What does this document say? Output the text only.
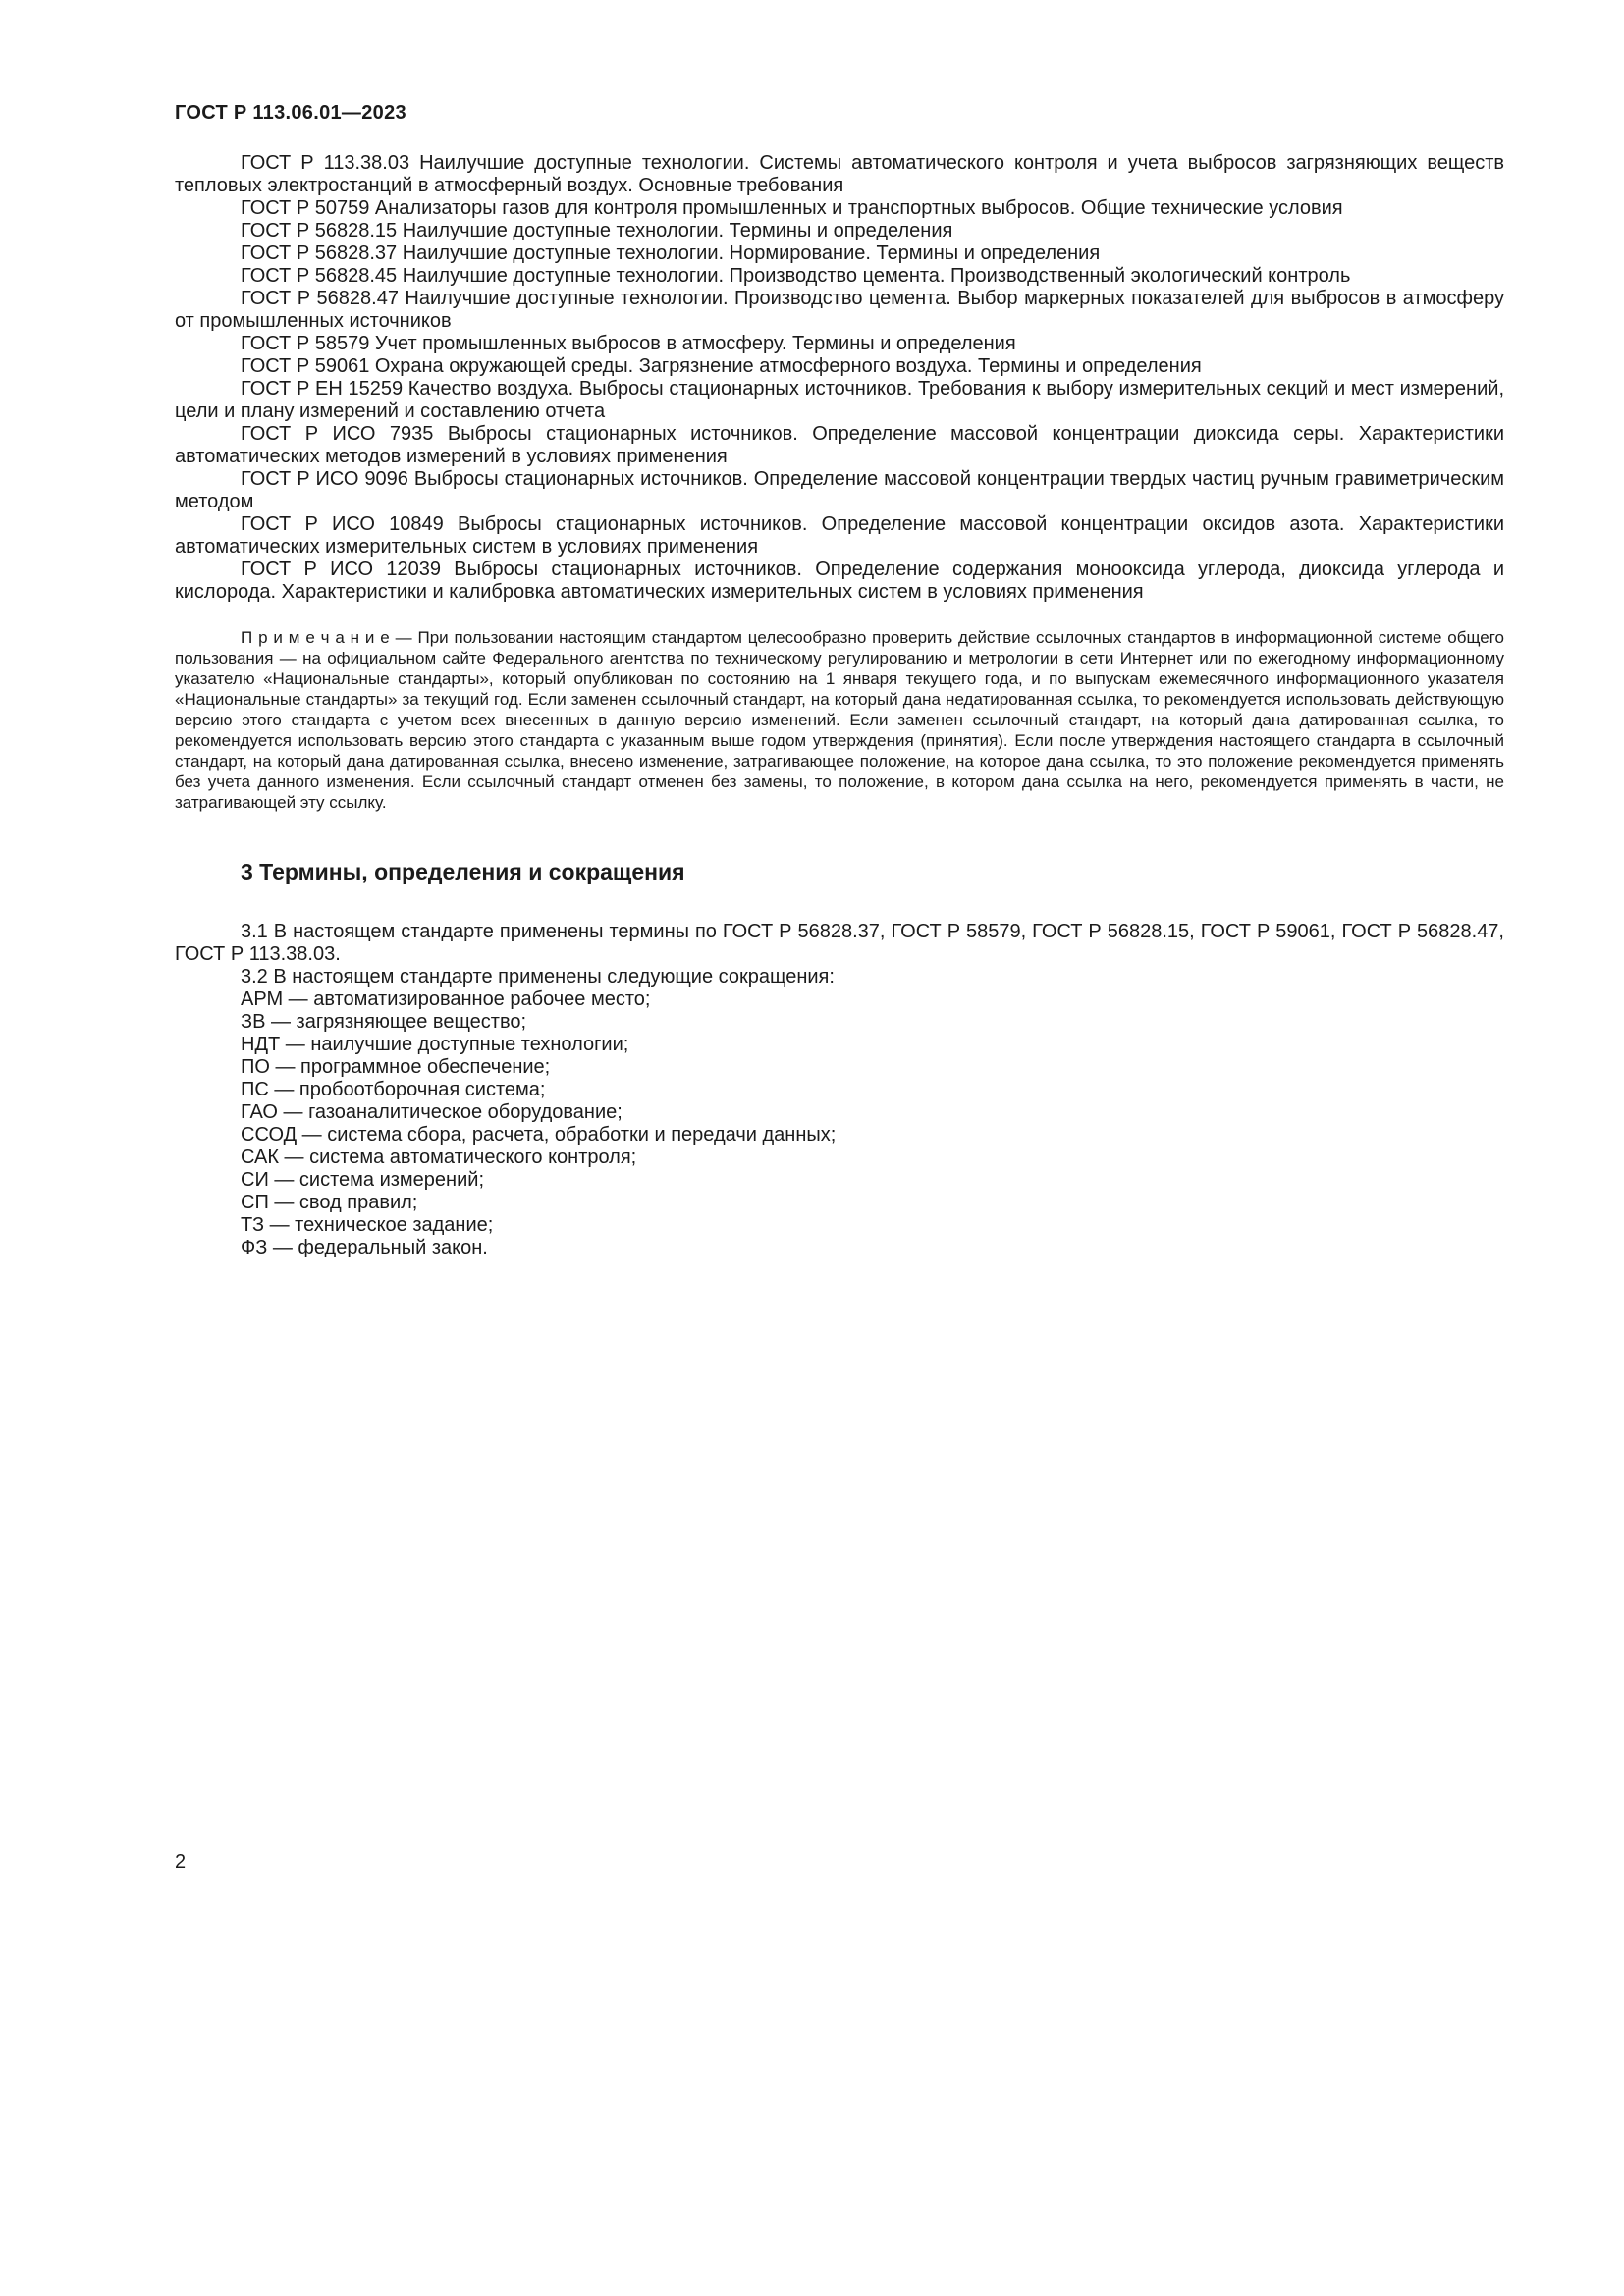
ГОСТ Р 113.06.01—2023

ГОСТ Р 113.38.03 Наилучшие доступные технологии. Системы автоматического контроля и учета выбросов загрязняющих веществ тепловых электростанций в атмосферный воздух. Основные требования

ГОСТ Р 50759 Анализаторы газов для контроля промышленных и транспортных выбросов. Общие технические условия

ГОСТ Р 56828.15 Наилучшие доступные технологии. Термины и определения

ГОСТ Р 56828.37 Наилучшие доступные технологии. Нормирование. Термины и определения

ГОСТ Р 56828.45 Наилучшие доступные технологии. Производство цемента. Производственный экологический контроль

ГОСТ Р 56828.47 Наилучшие доступные технологии. Производство цемента. Выбор маркерных показателей для выбросов в атмосферу от промышленных источников

ГОСТ Р 58579 Учет промышленных выбросов в атмосферу. Термины и определения

ГОСТ Р 59061 Охрана окружающей среды. Загрязнение атмосферного воздуха. Термины и определения

ГОСТ Р ЕН 15259 Качество воздуха. Выбросы стационарных источников. Требования к выбору измерительных секций и мест измерений, цели и плану измерений и составлению отчета

ГОСТ Р ИСО 7935 Выбросы стационарных источников. Определение массовой концентрации диоксида серы. Характеристики автоматических методов измерений в условиях применения

ГОСТ Р ИСО 9096 Выбросы стационарных источников. Определение массовой концентрации твердых частиц ручным гравиметрическим методом

ГОСТ Р ИСО 10849 Выбросы стационарных источников. Определение массовой концентрации оксидов азота. Характеристики автоматических измерительных систем в условиях применения

ГОСТ Р ИСО 12039 Выбросы стационарных источников. Определение содержания монооксида углерода, диоксида углерода и кислорода. Характеристики и калибровка автоматических измерительных систем в условиях применения

П р и м е ч а н и е — При пользовании настоящим стандартом целесообразно проверить действие ссылочных стандартов в информационной системе общего пользования — на официальном сайте Федерального агентства по техническому регулированию и метрологии в сети Интернет или по ежегодному информационному указателю «Национальные стандарты», который опубликован по состоянию на 1 января текущего года, и по выпускам ежемесячного информационного указателя «Национальные стандарты» за текущий год. Если заменен ссылочный стандарт, на который дана недатированная ссылка, то рекомендуется использовать действующую версию этого стандарта с учетом всех внесенных в данную версию изменений. Если заменен ссылочный стандарт, на который дана датированная ссылка, то рекомендуется использовать версию этого стандарта с указанным выше годом утверждения (принятия). Если после утверждения настоящего стандарта в ссылочный стандарт, на который дана датированная ссылка, внесено изменение, затрагивающее положение, на которое дана ссылка, то это положение рекомендуется применять без учета данного изменения. Если ссылочный стандарт отменен без замены, то положение, в котором дана ссылка на него, рекомендуется применять в части, не затрагивающей эту ссылку.

3 Термины, определения и сокращения

3.1 В настоящем стандарте применены термины по ГОСТ Р 56828.37, ГОСТ Р 58579, ГОСТ Р 56828.15, ГОСТ Р 59061, ГОСТ Р 56828.47, ГОСТ Р 113.38.03.

3.2 В настоящем стандарте применены следующие сокращения:

АРМ — автоматизированное рабочее место;

ЗВ — загрязняющее вещество;

НДТ — наилучшие доступные технологии;

ПО — программное обеспечение;

ПС — пробоотборочная система;

ГАО — газоаналитическое оборудование;

ССОД — система сбора, расчета, обработки и передачи данных;

САК — система автоматического контроля;

СИ — система измерений;

СП — свод правил;

ТЗ — техническое задание;

ФЗ — федеральный закон.

2
